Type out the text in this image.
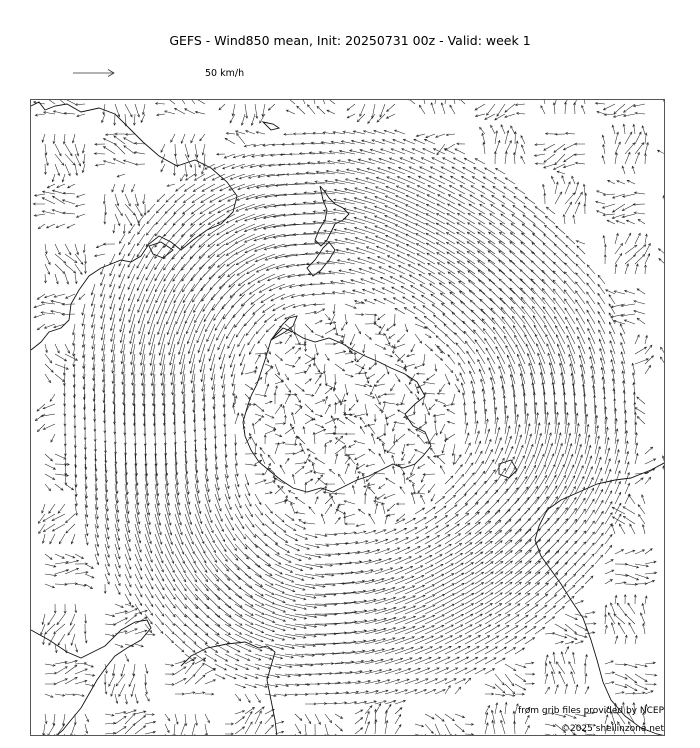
GEFS - Wind850 mean, Init: 20250731 00z - Valid: week 1
50 km/h
from grib files provided by NCEP
©2025 sheilinzone.net
